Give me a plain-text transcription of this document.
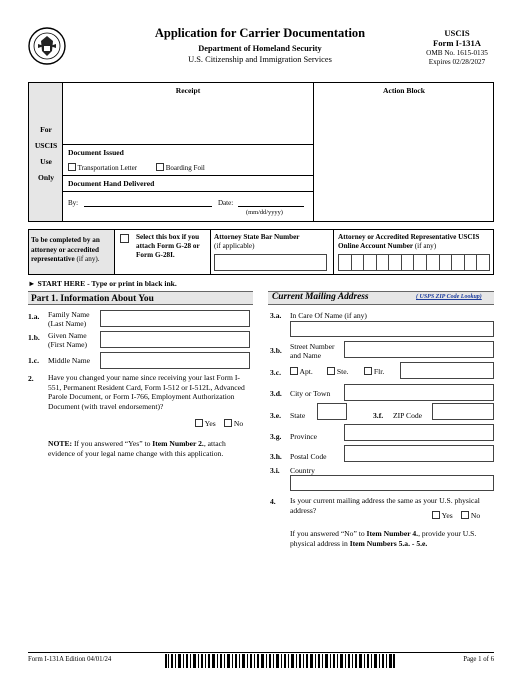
Application for Carrier Documentation
Department of Homeland Security
U.S. Citizenship and Immigration Services
USCIS
Form I-131A
OMB No. 1615-0135
Expires 02/28/2027
For
USCIS
Use
Only
Receipt	Action Block
Document Issued
Transportation Letter	Boarding Foil
Document Hand Delivered
By:	Date:
(mm/dd/yyyy)
To be completed by an attorney or accredited representative (if any).
Select this box if you attach Form G-28 or Form G-28I.
Attorney State Bar Number
(if applicable)
Attorney or Accredited Representative USCIS Online Account Number (if any)
► START HERE - Type or print in black ink.
Part 1. Information About You
1.a. Family Name (Last Name)
1.b. Given Name (First Name)
1.c. Middle Name
2. Have you changed your name since receiving your last Form I-551, Permanent Resident Card, Form I-512 or I-512L, Advanced Parole Document, or Form I-766, Employment Authorization Document (with travel endorsement)?
Yes	No
NOTE: If you answered “Yes” to Item Number 2., attach evidence of your legal name change with this application.
Current Mailing Address	( USPS ZIP Code Lookup)
3.a. In Care Of Name (if any)
3.b. Street Number and Name
3.c.	Apt.	Ste.	Flr.
3.d. City or Town
3.e. State	3.f. ZIP Code
3.g. Province
3.h. Postal Code
3.i. Country
4. Is your current mailing address the same as your U.S. physical address?
Yes	No
If you answered “No” to Item Number 4., provide your U.S. physical address in Item Numbers 5.a. - 5.e.
Form I-131A Edition 04/01/24	Page 1 of 6
